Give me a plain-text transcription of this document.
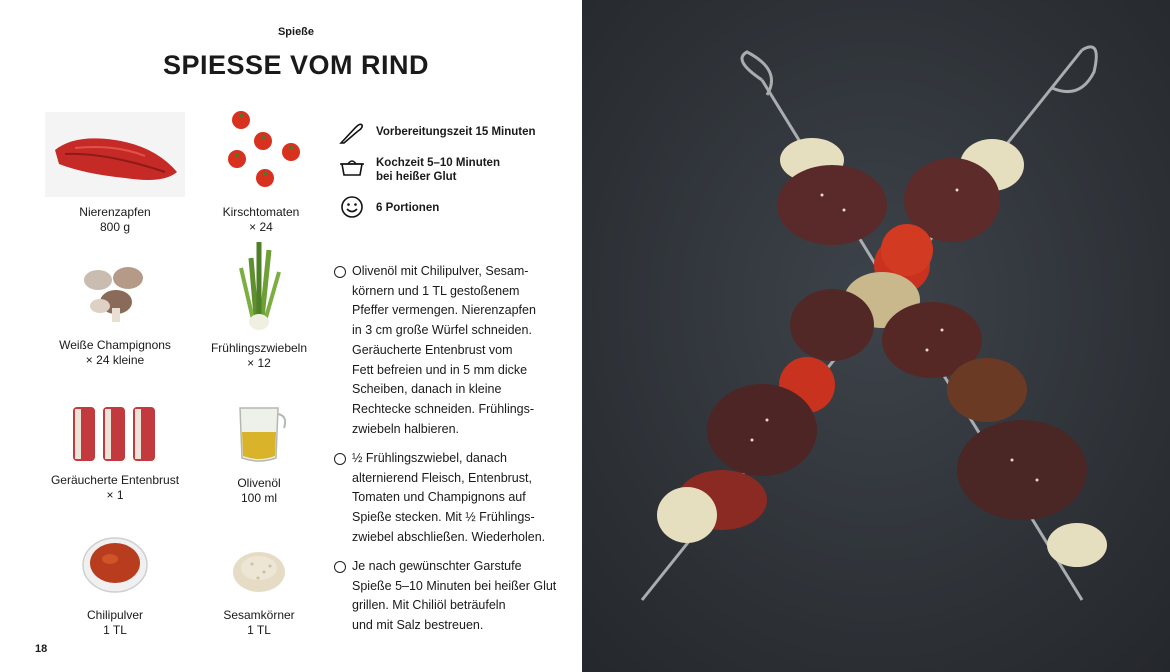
Spieße
SPIESSE VOM RIND
Nierenzapfen
800 g
Kirschtomaten
× 24
Weiße Champignons
× 24 kleine
Frühlingszwiebeln
× 12
Geräucherte Entenbrust
× 1
Olivenöl
100 ml
Chilipulver
1 TL
Sesamkörner
1 TL
Vorbereitungszeit 15 Minuten
Kochzeit 5–10 Minuten
bei heißer Glut
6 Portionen
Olivenöl mit Chilipulver, Sesam-
körnern und 1 TL gestoßenem
Pfeffer vermengen. Nierenzapfen
in 3 cm große Würfel schneiden.
Geräucherte Entenbrust vom
Fett befreien und in 5 mm dicke
Scheiben, danach in kleine
Rechtecke schneiden. Frühlings-
zwiebeln halbieren.
½ Frühlingszwiebel, danach
alternierend Fleisch, Entenbrust,
Tomaten und Champignons auf
Spieße stecken. Mit ½ Frühlings-
zwiebel abschließen. Wiederholen.
Je nach gewünschter Garstufe
Spieße 5–10 Minuten bei heißer Glut
grillen. Mit Chiliöl beträufeln
und mit Salz bestreuen.
18
